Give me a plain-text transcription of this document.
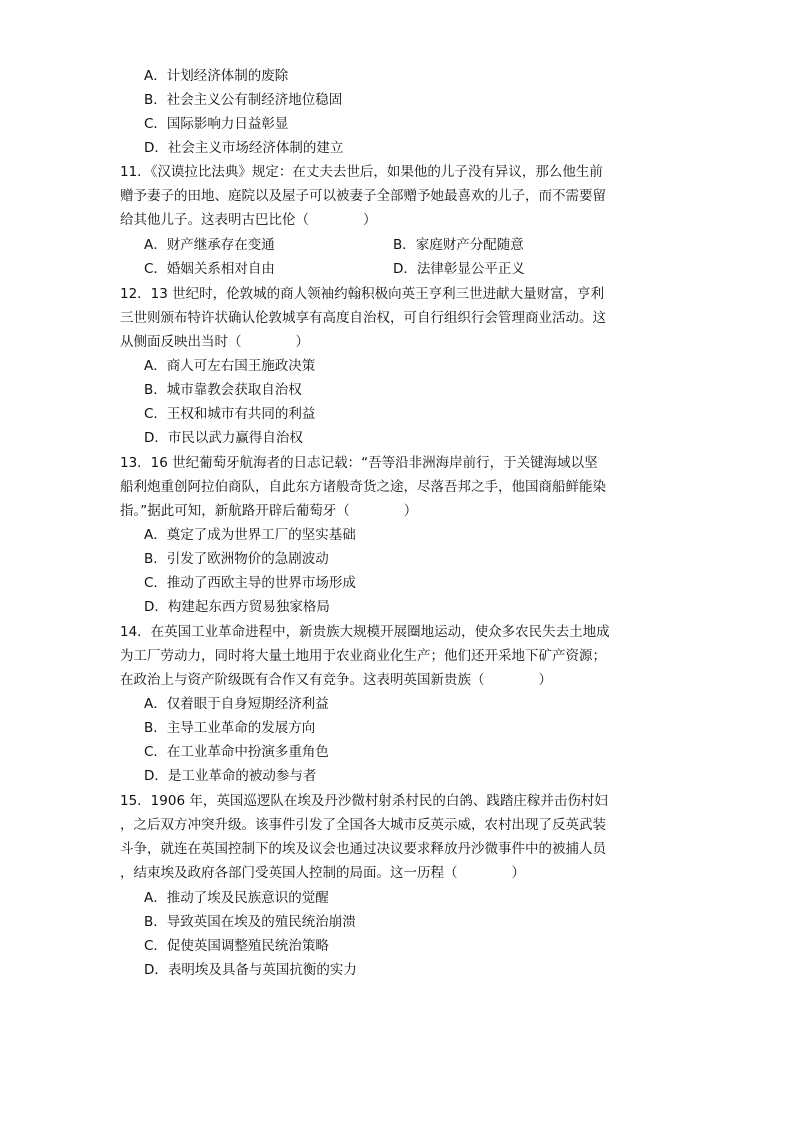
A．计划经济体制的废除
B．社会主义公有制经济地位稳固
C．国际影响力日益彰显
D．社会主义市场经济体制的建立
11．《汉谟拉比法典》规定：在丈夫去世后，如果他的儿子没有异议，那么他生前
赠予妻子的田地、庭院以及屋子可以被妻子全部赠予她最喜欢的儿子，而不需要留
给其他儿子。这表明古巴比伦（　　　　）
A．财产继承存在变通	B．家庭财产分配随意
C．婚姻关系相对自由	D．法律彰显公平正义
12．13 世纪时，伦敦城的商人领袖约翰积极向英王亨利三世进献大量财富，亨利
三世则颁布特许状确认伦敦城享有高度自治权，可自行组织行会管理商业活动。这
从侧面反映出当时（　　　　）
A．商人可左右国王施政决策
B．城市靠教会获取自治权
C．王权和城市有共同的利益
D．市民以武力赢得自治权
13．16 世纪葡萄牙航海者的日志记载：“吾等沿非洲海岸前行，于关键海域以坚
船利炮重创阿拉伯商队，自此东方诸般奇货之途，尽落吾邦之手，他国商船鲜能染
指。”据此可知，新航路开辟后葡萄牙（　　　　）
A．奠定了成为世界工厂的坚实基础
B．引发了欧洲物价的急剧波动
C．推动了西欧主导的世界市场形成
D．构建起东西方贸易独家格局
14．在英国工业革命进程中，新贵族大规模开展圈地运动，使众多农民失去土地成
为工厂劳动力，同时将大量土地用于农业商业化生产；他们还开采地下矿产资源；
在政治上与资产阶级既有合作又有竞争。这表明英国新贵族（　　　　）
A．仅着眼于自身短期经济利益
B．主导工业革命的发展方向
C．在工业革命中扮演多重角色
D．是工业革命的被动参与者
15．1906 年，英国巡逻队在埃及丹沙微村射杀村民的白鸽、践踏庄稼并击伤村妇
，之后双方冲突升级。该事件引发了全国各大城市反英示威，农村出现了反英武装
斗争，就连在英国控制下的埃及议会也通过决议要求释放丹沙微事件中的被捕人员
，结束埃及政府各部门受英国人控制的局面。这一历程（　　　　）
A．推动了埃及民族意识的觉醒
B．导致英国在埃及的殖民统治崩溃
C．促使英国调整殖民统治策略
D．表明埃及具备与英国抗衡的实力
